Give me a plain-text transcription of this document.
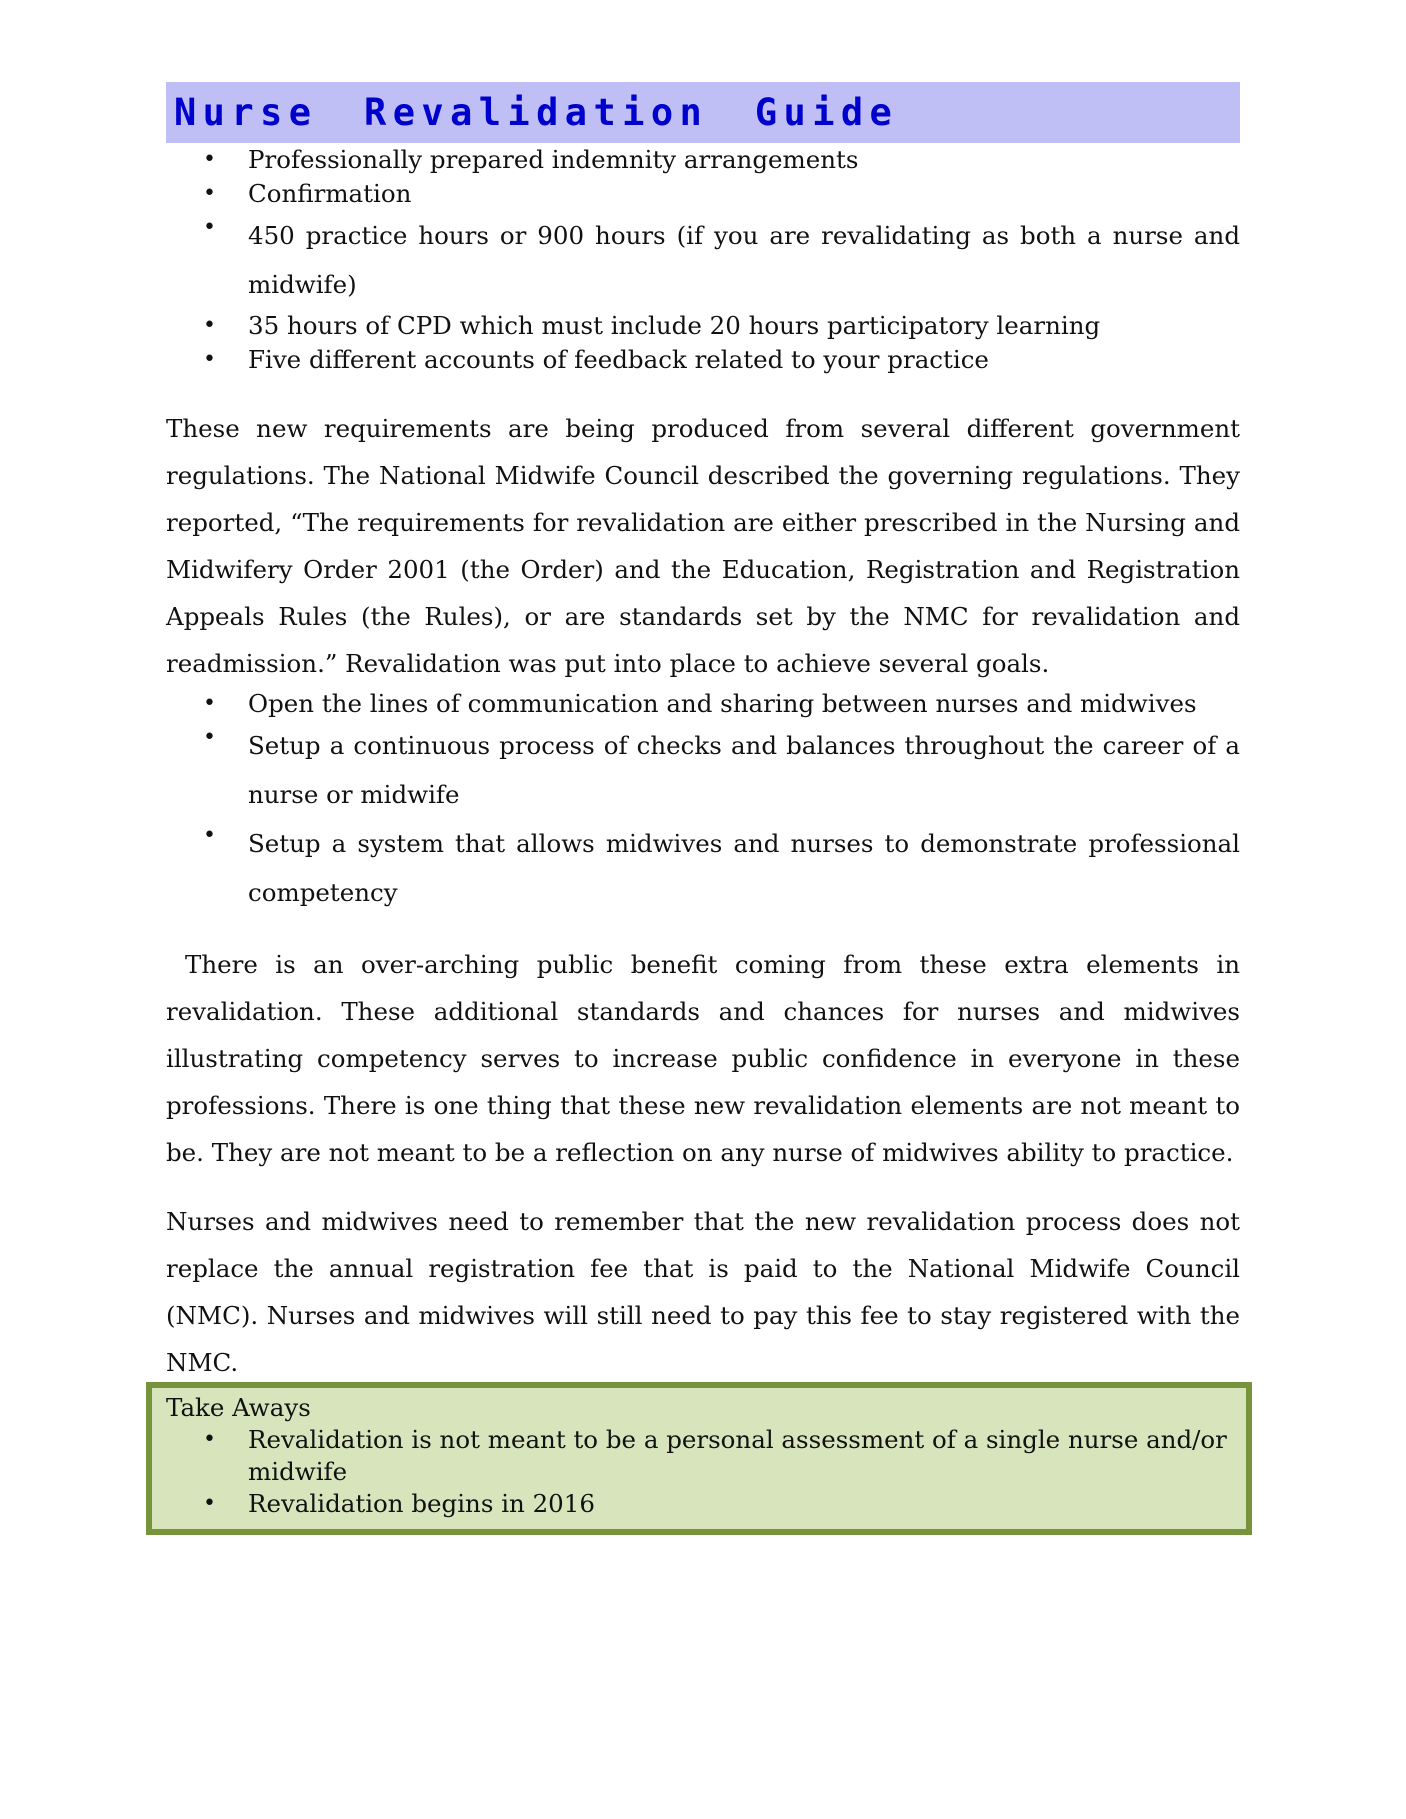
Nurse Revalidation Guide
• Professionally prepared indemnity arrangements
• Confirmation
• 450 practice hours or 900 hours (if you are revalidating as both a nurse and midwife)
• 35 hours of CPD which must include 20 hours participatory learning
• Five different accounts of feedback related to your practice

These new requirements are being produced from several different government regulations. The National Midwife Council described the governing regulations. They reported, “The requirements for revalidation are either prescribed in the Nursing and Midwifery Order 2001 (the Order) and the Education, Registration and Registration Appeals Rules (the Rules), or are standards set by the NMC for revalidation and readmission.” Revalidation was put into place to achieve several goals.

• Open the lines of communication and sharing between nurses and midwives
• Setup a continuous process of checks and balances throughout the career of a nurse or midwife
• Setup a system that allows midwives and nurses to demonstrate professional competency

There is an over-arching public benefit coming from these extra elements in revalidation. These additional standards and chances for nurses and midwives illustrating competency serves to increase public confidence in everyone in these professions. There is one thing that these new revalidation elements are not meant to be. They are not meant to be a reflection on any nurse of midwives ability to practice.

Nurses and midwives need to remember that the new revalidation process does not replace the annual registration fee that is paid to the National Midwife Council (NMC). Nurses and midwives will still need to pay this fee to stay registered with the NMC.

Take Aways

• Revalidation is not meant to be a personal assessment of a single nurse and/or midwife
• Revalidation begins in 2016
